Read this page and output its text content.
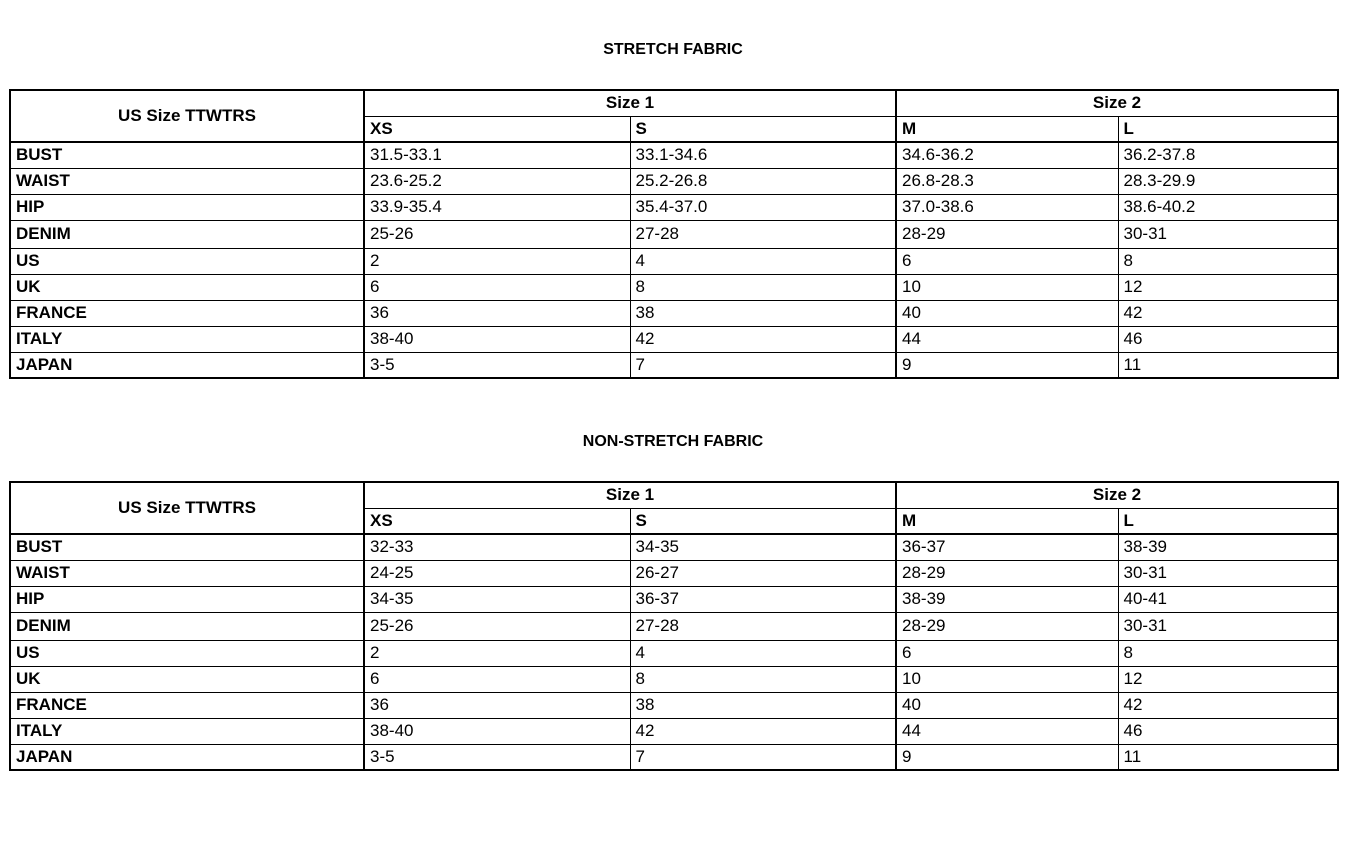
STRETCH FABRIC
US Size TTWTRS	Size 1		Size 2	
	XS	S	M	L
BUST	31.5-33.1	33.1-34.6	34.6-36.2	36.2-37.8
WAIST	23.6-25.2	25.2-26.8	26.8-28.3	28.3-29.9
HIP	33.9-35.4	35.4-37.0	37.0-38.6	38.6-40.2
DENIM	25-26	27-28	28-29	30-31
US	2	4	6	8
UK	6	8	10	12
FRANCE	36	38	40	42
ITALY	38-40	42	44	46
JAPAN	3-5	7	9	11
NON-STRETCH FABRIC
US Size TTWTRS	Size 1		Size 2	
	XS	S	M	L
BUST	32-33	34-35	36-37	38-39
WAIST	24-25	26-27	28-29	30-31
HIP	34-35	36-37	38-39	40-41
DENIM	25-26	27-28	28-29	30-31
US	2	4	6	8
UK	6	8	10	12
FRANCE	36	38	40	42
ITALY	38-40	42	44	46
JAPAN	3-5	7	9	11
